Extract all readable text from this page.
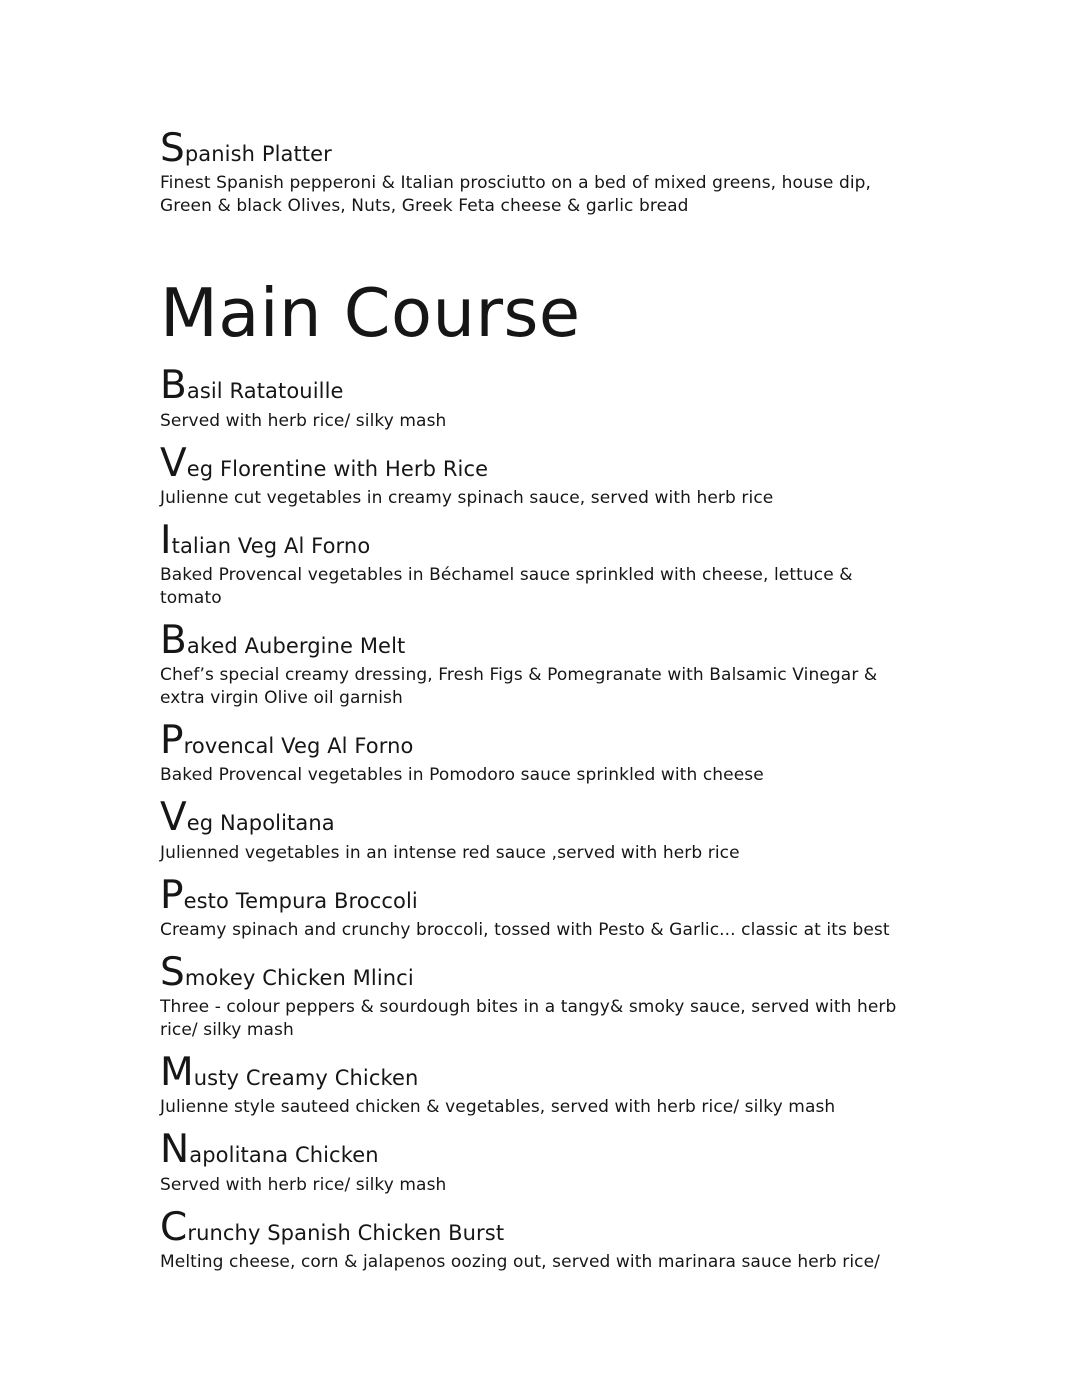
Spanish Platter

Finest Spanish pepperoni & Italian prosciutto on a bed of mixed greens, house dip, Green & black Olives, Nuts, Greek Feta cheese & garlic bread

Main Course
Basil Ratatouille

Served with herb rice/ silky mash

Veg Florentine with Herb Rice

Julienne cut vegetables in creamy spinach sauce, served with herb rice

Italian Veg Al Forno

Baked Provencal vegetables in Béchamel sauce sprinkled with cheese, lettuce & tomato

Baked Aubergine Melt

Chef’s special creamy dressing, Fresh Figs & Pomegranate with Balsamic Vinegar & extra virgin Olive oil garnish

Provencal Veg Al Forno

Baked Provencal vegetables in Pomodoro sauce sprinkled with cheese

Veg Napolitana

Julienned vegetables in an intense red sauce ,served with herb rice

Pesto Tempura Broccoli

Creamy spinach and crunchy broccoli, tossed with Pesto & Garlic... classic at its best

Smokey Chicken Mlinci

Three - colour peppers & sourdough bites in a tangy& smoky sauce, served with herb rice/ silky mash

Musty Creamy Chicken

Julienne style sauteed chicken & vegetables, served with herb rice/ silky mash

Napolitana Chicken

Served with herb rice/ silky mash

Crunchy Spanish Chicken Burst

Melting cheese, corn & jalapenos oozing out, served with marinara sauce herb rice/
